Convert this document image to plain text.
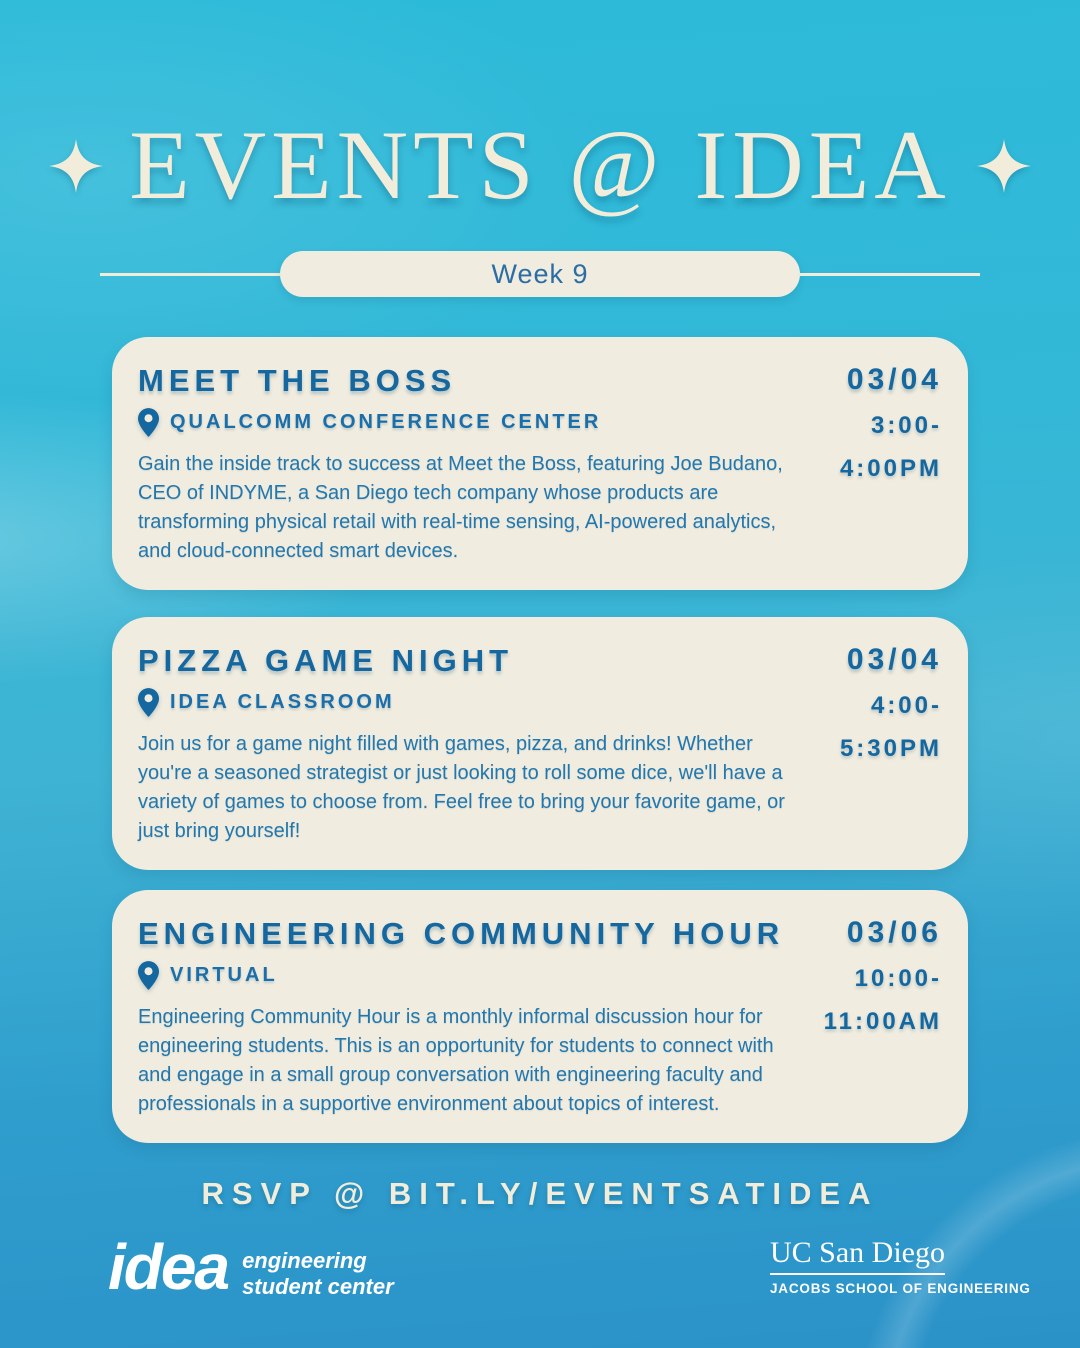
EVENTS @ IDEA
Week 9
MEET THE BOSS
QUALCOMM CONFERENCE CENTER

Gain the inside track to success at Meet the Boss, featuring Joe Budano, CEO of INDYME, a San Diego tech company whose products are transforming physical retail with real-time sensing, AI-powered analytics, and cloud-connected smart devices.

03/04
3:00-
4:00PM
PIZZA GAME NIGHT
IDEA CLASSROOM

Join us for a game night filled with games, pizza, and drinks! Whether you're a seasoned strategist or just looking to roll some dice, we'll have a variety of games to choose from. Feel free to bring your favorite game, or just bring yourself!

03/04
4:00-
5:30PM
ENGINEERING COMMUNITY HOUR
VIRTUAL

Engineering Community Hour is a monthly informal discussion hour for engineering students. This is an opportunity for students to connect with and engage in a small group conversation with engineering faculty and professionals in a supportive environment about topics of interest.

03/06
10:00-
11:00AM
RSVP @ BIT.LY/EVENTSATIDEA
idea engineering
student center
UC San Diego
JACOBS SCHOOL OF ENGINEERING
